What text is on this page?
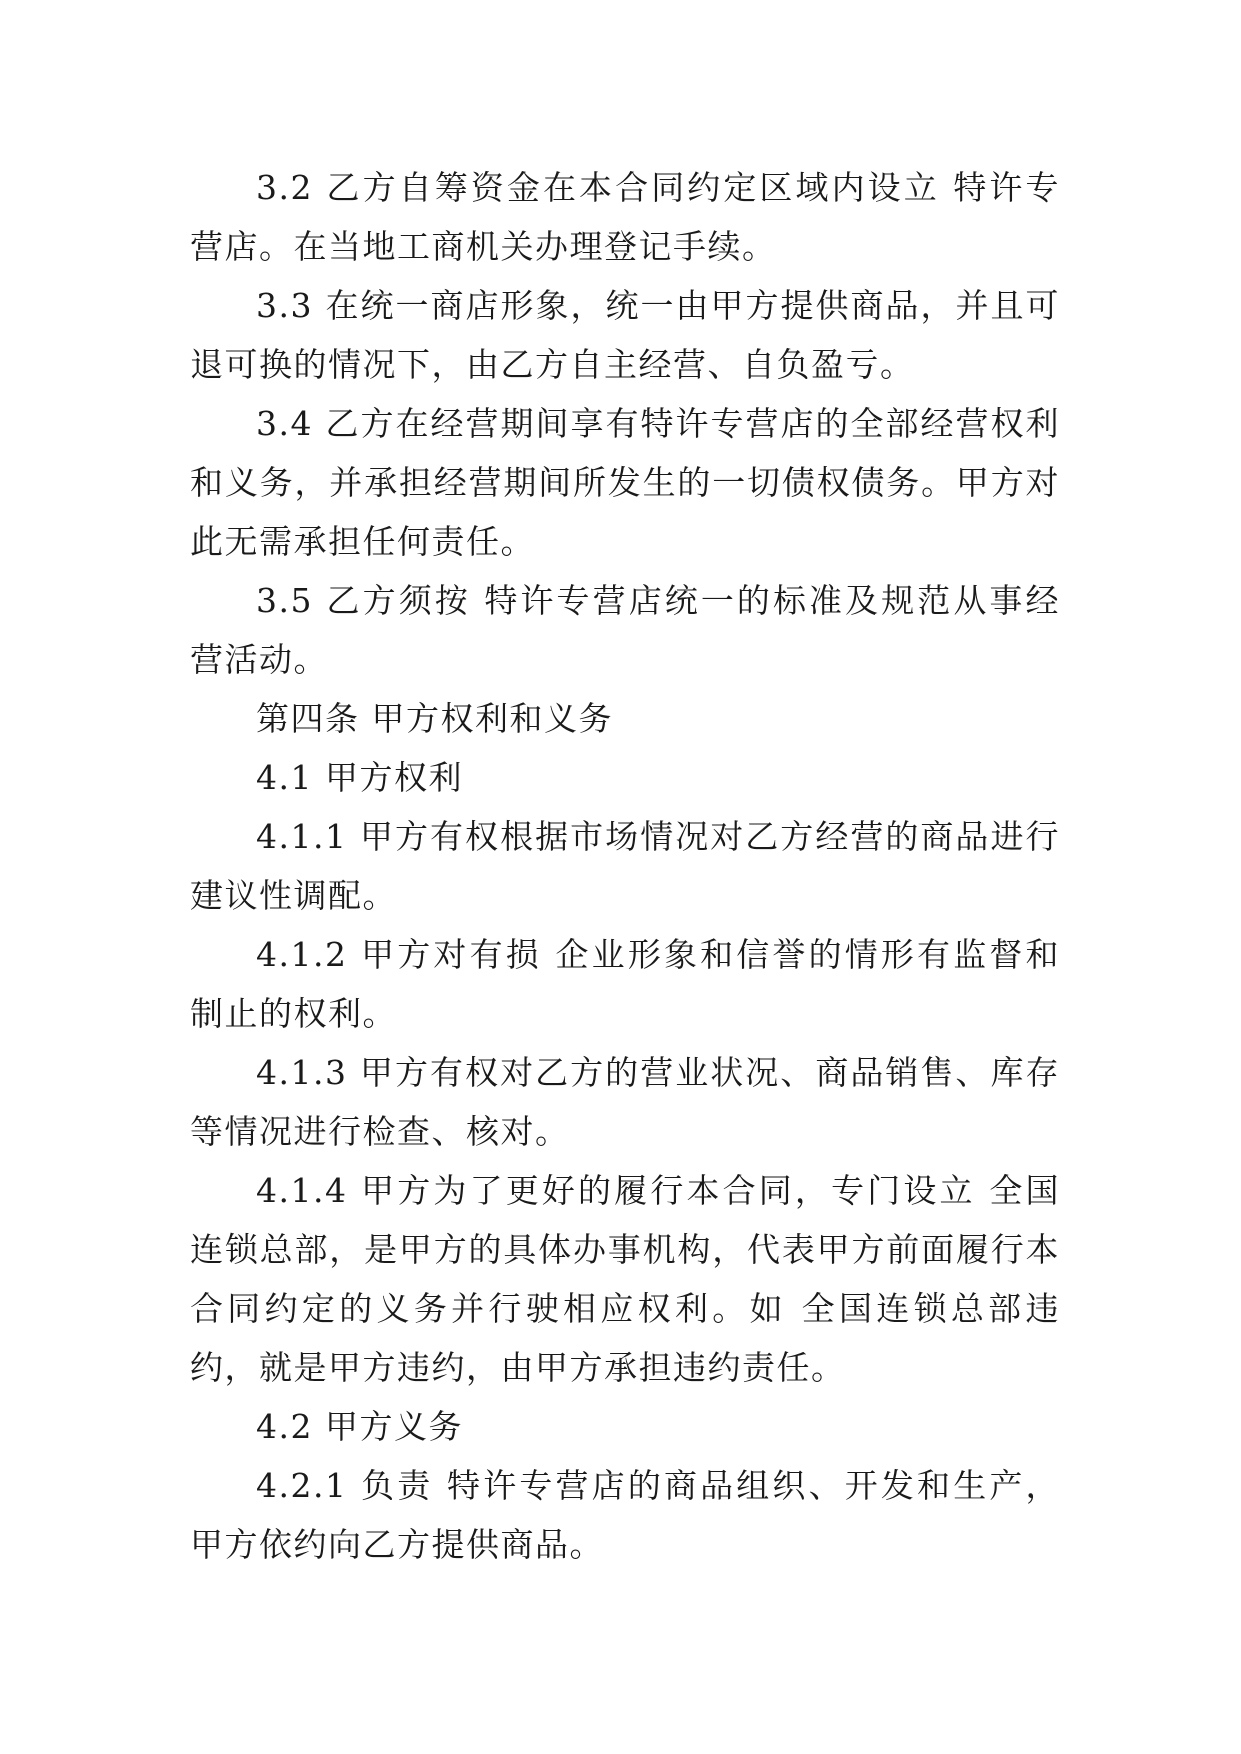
3.2 乙方自筹资金在本合同约定区域内设立 特许专营店。在当地工商机关办理登记手续。

3.3 在统一商店形象，统一由甲方提供商品，并且可退可换的情况下，由乙方自主经营、自负盈亏。

3.4 乙方在经营期间享有特许专营店的全部经营权利和义务，并承担经营期间所发生的一切债权债务。甲方对此无需承担任何责任。

3.5 乙方须按 特许专营店统一的标准及规范从事经营活动。

第四条 甲方权利和义务

4.1 甲方权利

4.1.1 甲方有权根据市场情况对乙方经营的商品进行建议性调配。

4.1.2 甲方对有损 企业形象和信誉的情形有监督和制止的权利。

4.1.3 甲方有权对乙方的营业状况、商品销售、库存等情况进行检查、核对。

4.1.4 甲方为了更好的履行本合同，专门设立 全国连锁总部，是甲方的具体办事机构，代表甲方前面履行本合同约定的义务并行驶相应权利。如 全国连锁总部违约，就是甲方违约，由甲方承担违约责任。

4.2 甲方义务

4.2.1 负责 特许专营店的商品组织、开发和生产，甲方依约向乙方提供商品。
